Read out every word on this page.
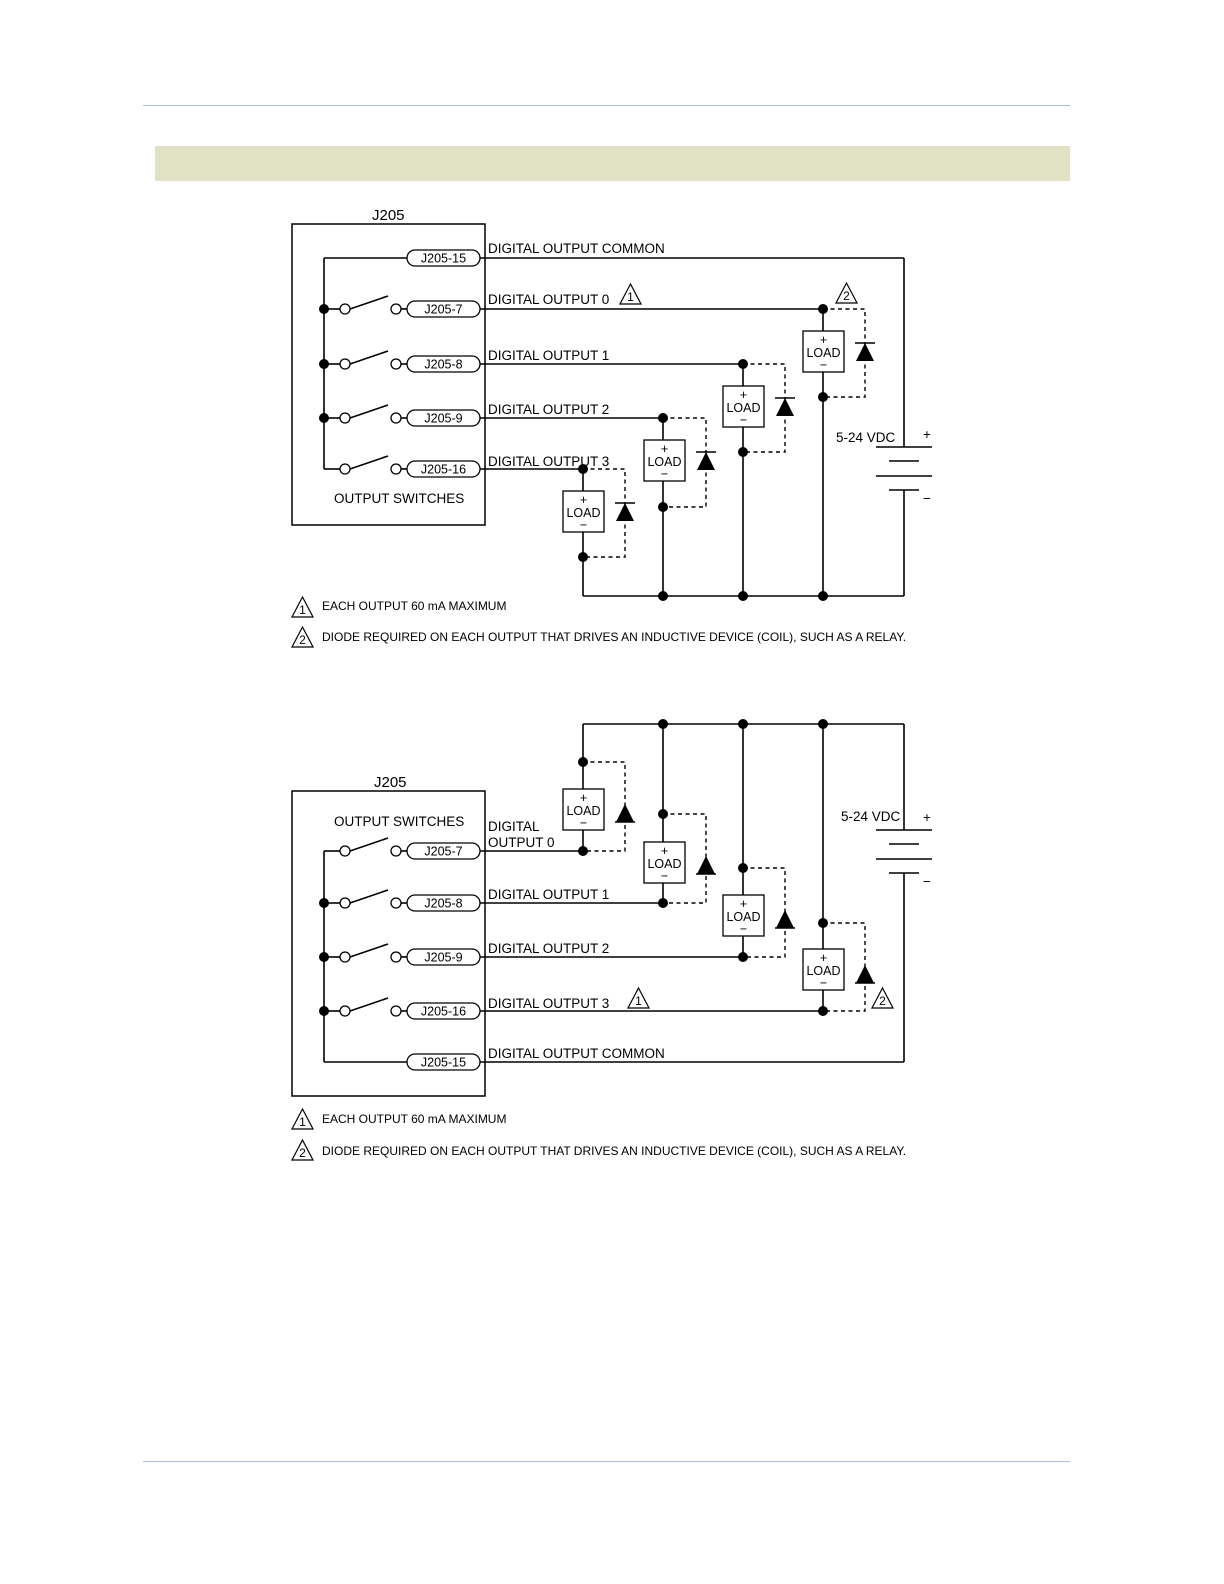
J205
OUTPUT SWITCHES
J205-15
J205-7
J205-8
J205-9
J205-16
+
LOAD
−
+
LOAD
−
+
LOAD
−
+
LOAD
−
5-24 VDC +
−
DIGITAL OUTPUT COMMON
DIGITAL OUTPUT 0
DIGITAL OUTPUT 1
DIGITAL OUTPUT 2
DIGITAL OUTPUT 3
1	2
1 EACH OUTPUT 60 mA MAXIMUM
2 DIODE REQUIRED ON EACH OUTPUT THAT DRIVES AN INDUCTIVE DEVICE (COIL), SUCH AS A RELAY.
J205
OUTPUT SWITCHES
J205-7
J205-8
J205-9
J205-16
J205-15
+
LOAD
−
+
LOAD
−
+
LOAD
−
+
LOAD
−
5-24 VDC +
−
DIGITAL
OUTPUT 0
DIGITAL OUTPUT 1
DIGITAL OUTPUT 2
DIGITAL OUTPUT 3
DIGITAL OUTPUT COMMON
1	2
1 EACH OUTPUT 60 mA MAXIMUM
2 DIODE REQUIRED ON EACH OUTPUT THAT DRIVES AN INDUCTIVE DEVICE (COIL), SUCH AS A RELAY.
